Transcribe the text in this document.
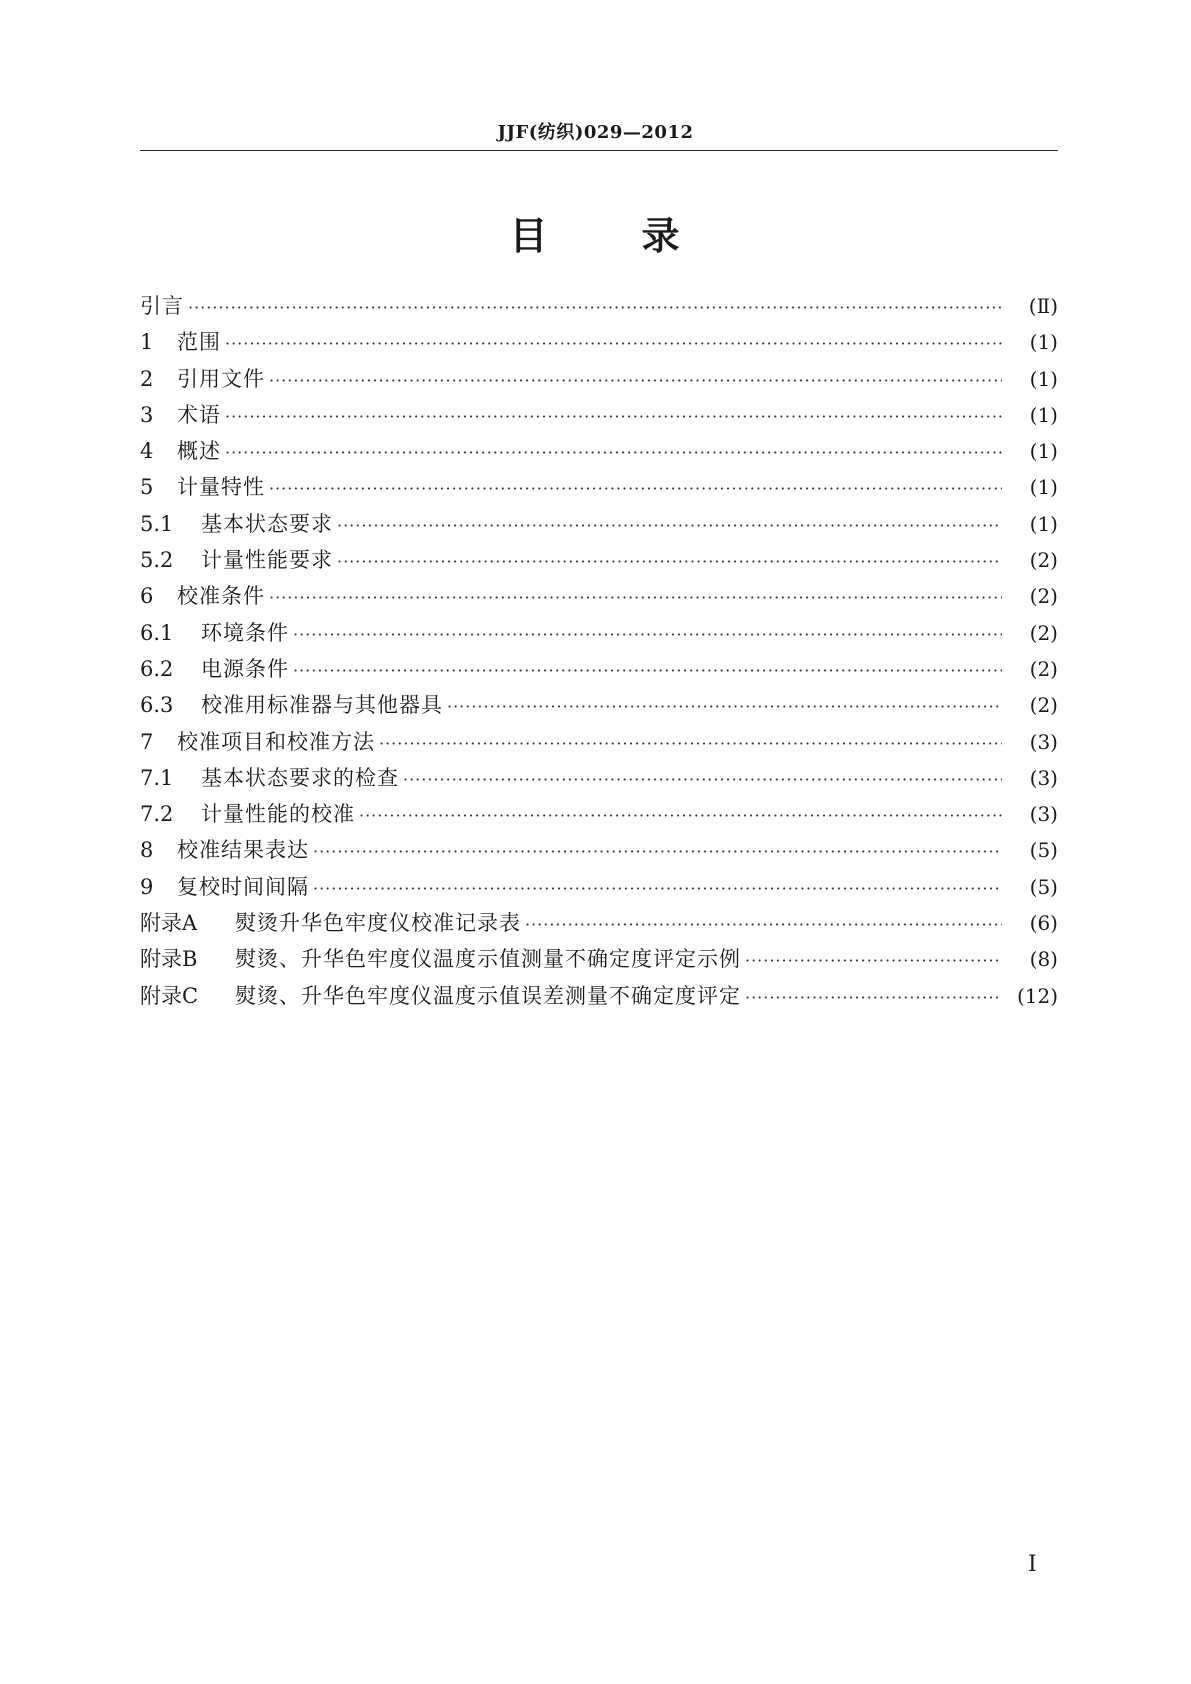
JJF(纺织)029—2012
目 录
引言 ·····	(Ⅱ)
1	范围 ·····	(1)
2	引用文件 ·····	(1)
3	术语 ·····	(1)
4	概述 ·····	(1)
5	计量特性 ·····	(1)
5.1	基本状态要求 ·····	(1)
5.2	计量性能要求 ·····	(2)
6	校准条件 ·····	(2)
6.1	环境条件 ·····	(2)
6.2	电源条件 ·····	(2)
6.3	校准用标准器与其他器具 ·····	(2)
7	校准项目和校准方法 ·····	(3)
7.1	基本状态要求的检查 ·····	(3)
7.2	计量性能的校准 ·····	(3)
8	校准结果表达 ·····	(5)
9	复校时间间隔 ·····	(5)
附录A	熨烫升华色牢度仪校准记录表 ·····	(6)
附录B	熨烫、升华色牢度仪温度示值测量不确定度评定示例 ·····	(8)
附录C	熨烫、升华色牢度仪温度示值误差测量不确定度评定 ·····	(12)
Ⅰ
